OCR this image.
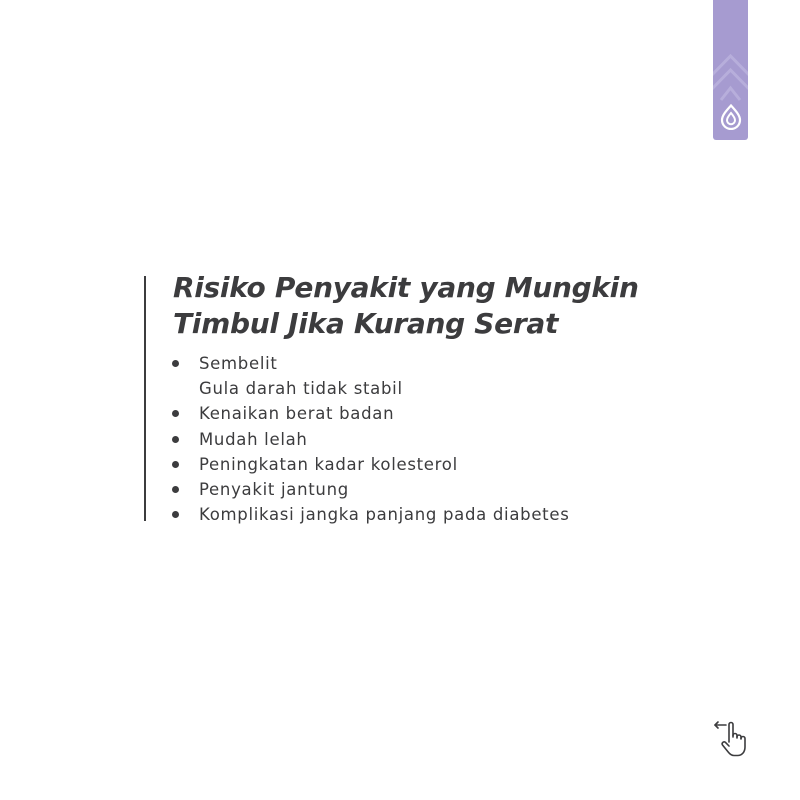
Risiko Penyakit yang Mungkin
Timbul Jika Kurang Serat
Sembelit
Gula darah tidak stabil
Kenaikan berat badan
Mudah lelah
Peningkatan kadar kolesterol
Penyakit jantung
Komplikasi jangka panjang pada diabetes
